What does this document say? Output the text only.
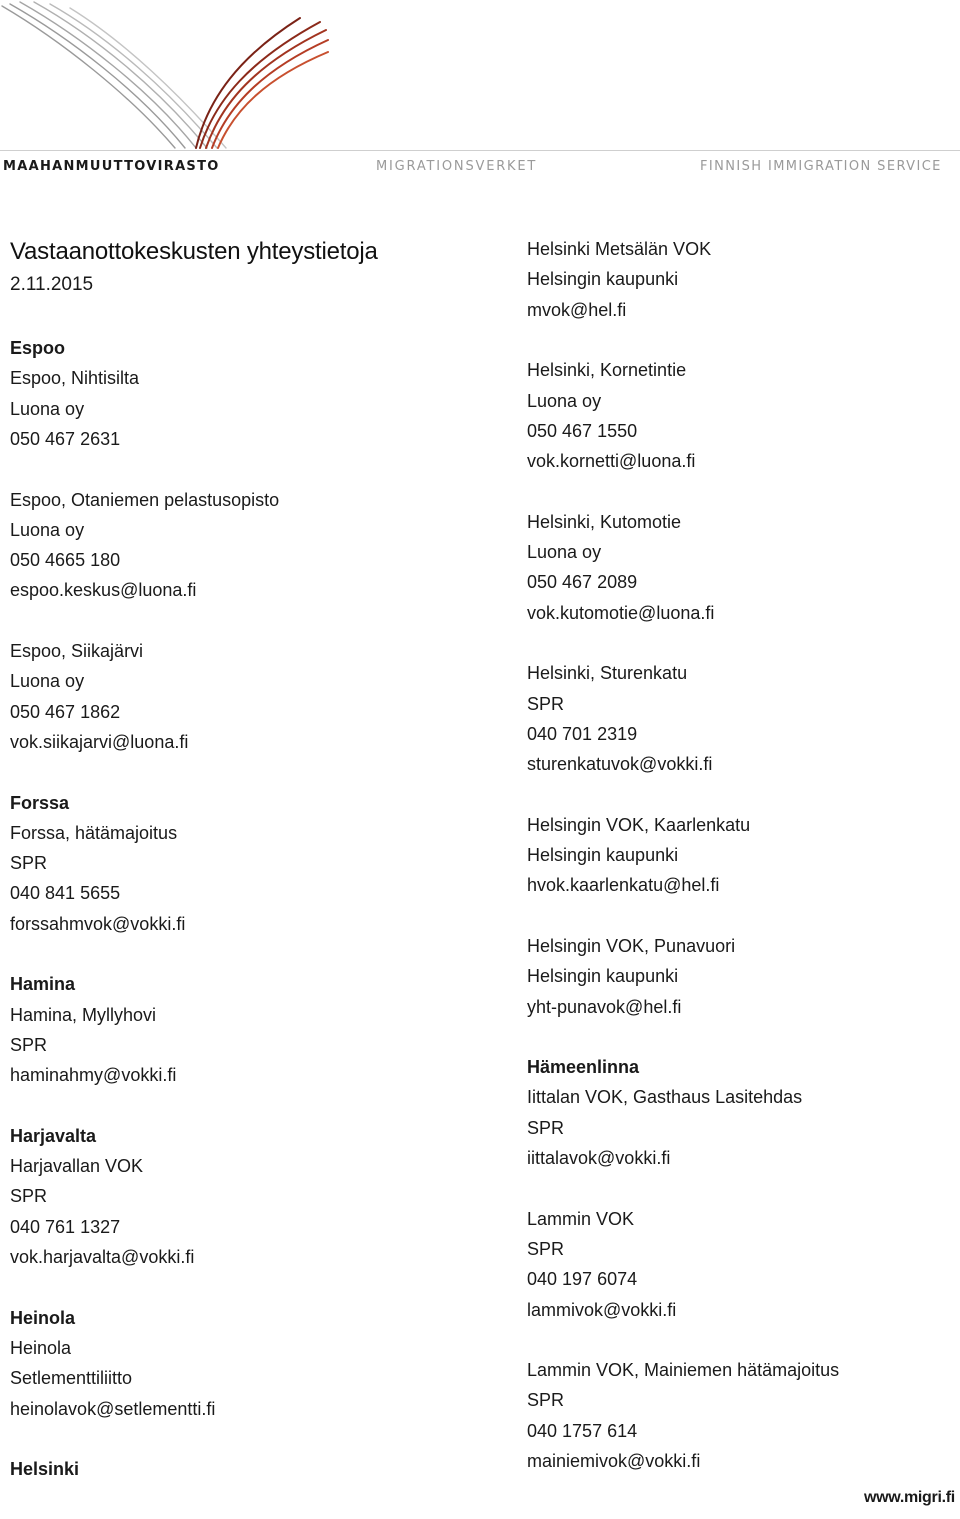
MAAHANMUUTTOVIRASTO	MIGRATIONSVERKET	FINNISH IMMIGRATION SERVICE
Vastaanottokeskusten yhteystietoja
2.11.2015
Espoo
Espoo, Nihtisilta
Luona oy
050 467 2631
Espoo, Otaniemen pelastusopisto
Luona oy
050 4665 180
espoo.keskus@luona.fi
Espoo, Siikajärvi
Luona oy
050 467 1862
vok.siikajarvi@luona.fi
Forssa
Forssa, hätämajoitus
SPR
040 841 5655
forssahmvok@vokki.fi
Hamina
Hamina, Myllyhovi
SPR
haminahmy@vokki.fi
Harjavalta
Harjavallan VOK
SPR
040 761 1327
vok.harjavalta@vokki.fi
Heinola
Heinola
Setlementtiliitto
heinolavok@setlementti.fi
Helsinki
Helsinki Metsälän VOK
Helsingin kaupunki
mvok@hel.fi
Helsinki, Kornetintie
Luona oy
050 467 1550
vok.kornetti@luona.fi
Helsinki, Kutomotie
Luona oy
050 467 2089
vok.kutomotie@luona.fi
Helsinki, Sturenkatu
SPR
040 701 2319
sturenkatuvok@vokki.fi
Helsingin VOK, Kaarlenkatu
Helsingin kaupunki
hvok.kaarlenkatu@hel.fi
Helsingin VOK, Punavuori
Helsingin kaupunki
yht-punavok@hel.fi
Hämeenlinna
Iittalan VOK, Gasthaus Lasitehdas
SPR
iittalavok@vokki.fi
Lammin VOK
SPR
040 197 6074
lammivok@vokki.fi
Lammin VOK, Mainiemen hätämajoitus
SPR
040 1757 614
mainiemivok@vokki.fi
www.migri.fi
